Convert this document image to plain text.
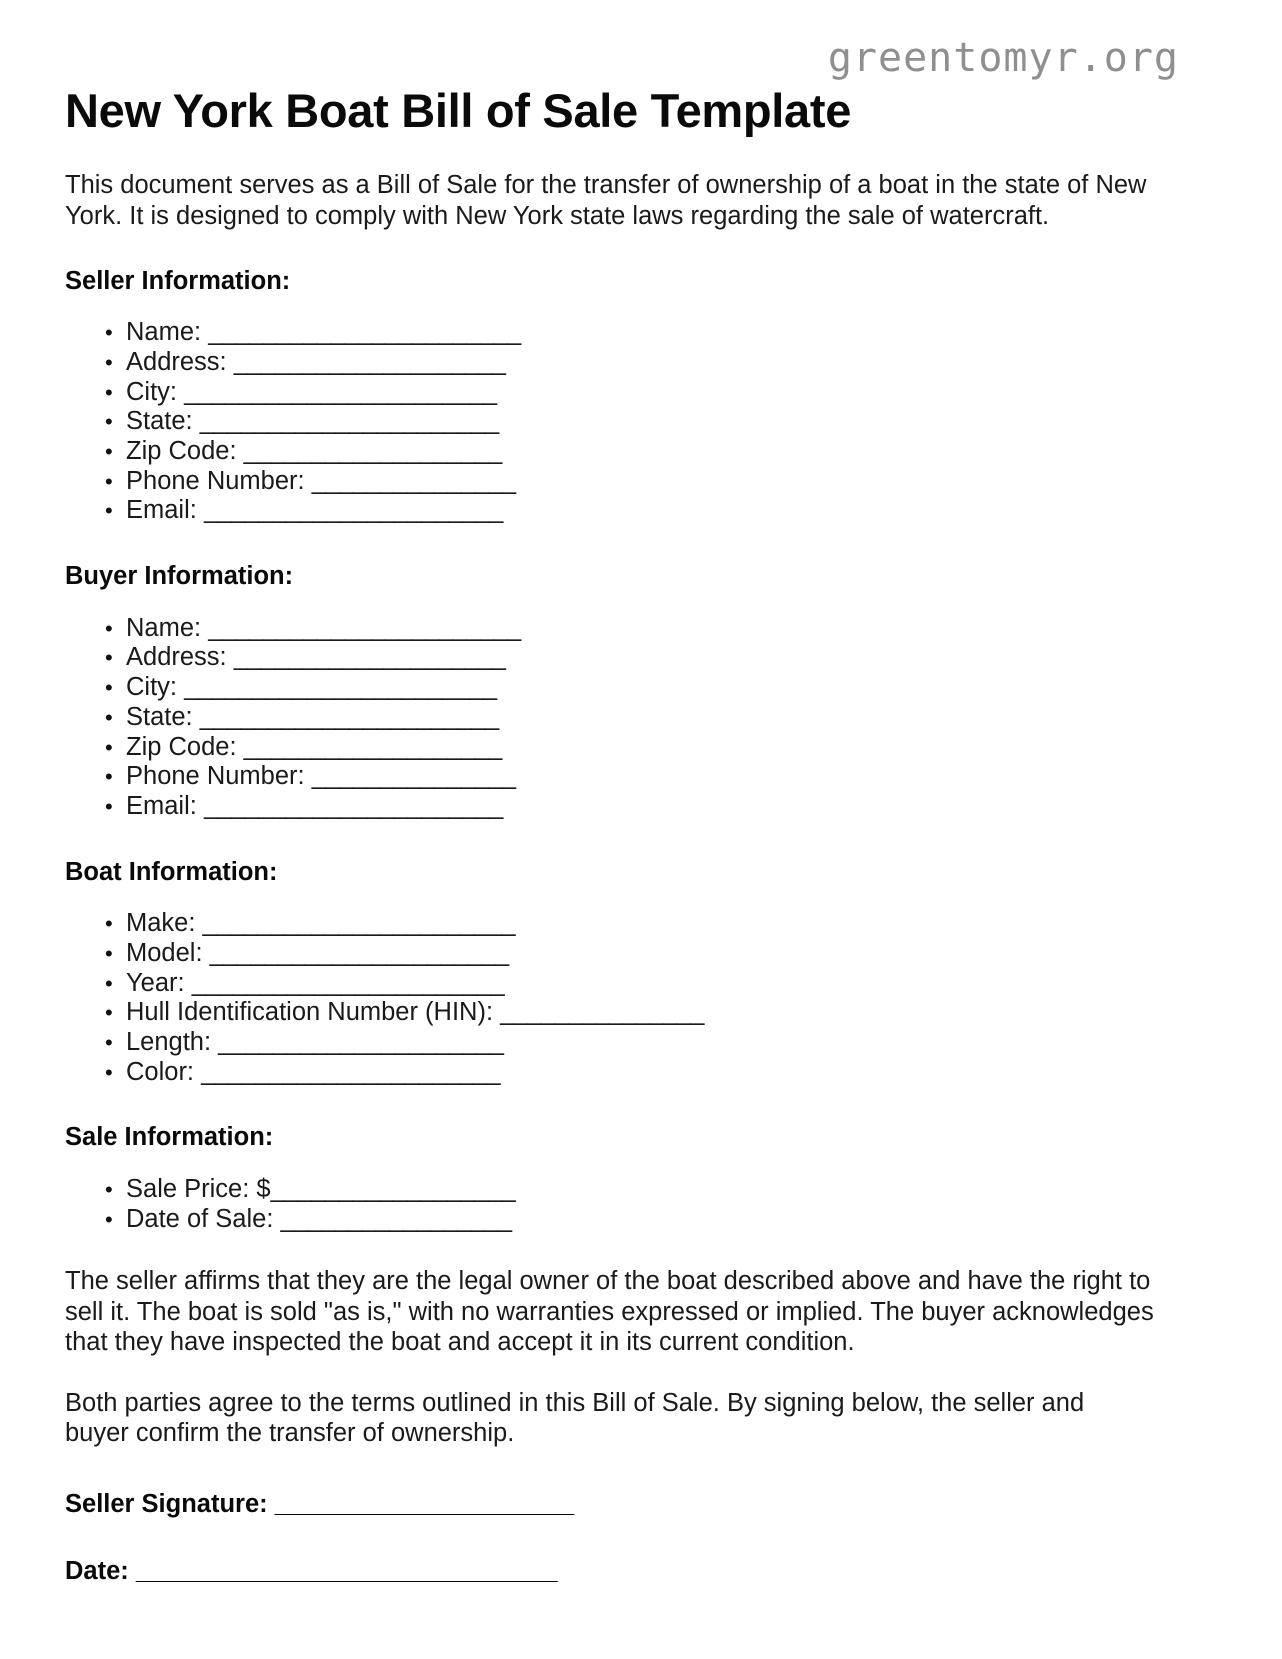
greentomyr.org
New York Boat Bill of Sale Template

This document serves as a Bill of Sale for the transfer of ownership of a boat in the state of New York. It is designed to comply with New York state laws regarding the sale of watercraft.

Seller Information:
• Name: _______________________
• Address: ____________________
• City: _______________________
• State: ______________________
• Zip Code: ___________________
• Phone Number: _______________
• Email: ______________________
Buyer Information:
• Name: _______________________
• Address: ____________________
• City: _______________________
• State: ______________________
• Zip Code: ___________________
• Phone Number: _______________
• Email: ______________________
Boat Information:
• Make: _______________________
• Model: ______________________
• Year: _______________________
• Hull Identification Number (HIN): _______________
• Length: _____________________
• Color: ______________________
Sale Information:
• Sale Price: $__________________
• Date of Sale: _________________

The seller affirms that they are the legal owner of the boat described above and have the right to sell it. The boat is sold "as is," with no warranties expressed or implied. The buyer acknowledges that they have inspected the boat and accept it in its current condition.

Both parties agree to the terms outlined in this Bill of Sale. By signing below, the seller and buyer confirm the transfer of ownership.

Seller Signature: ______________________
Date: _______________________________
